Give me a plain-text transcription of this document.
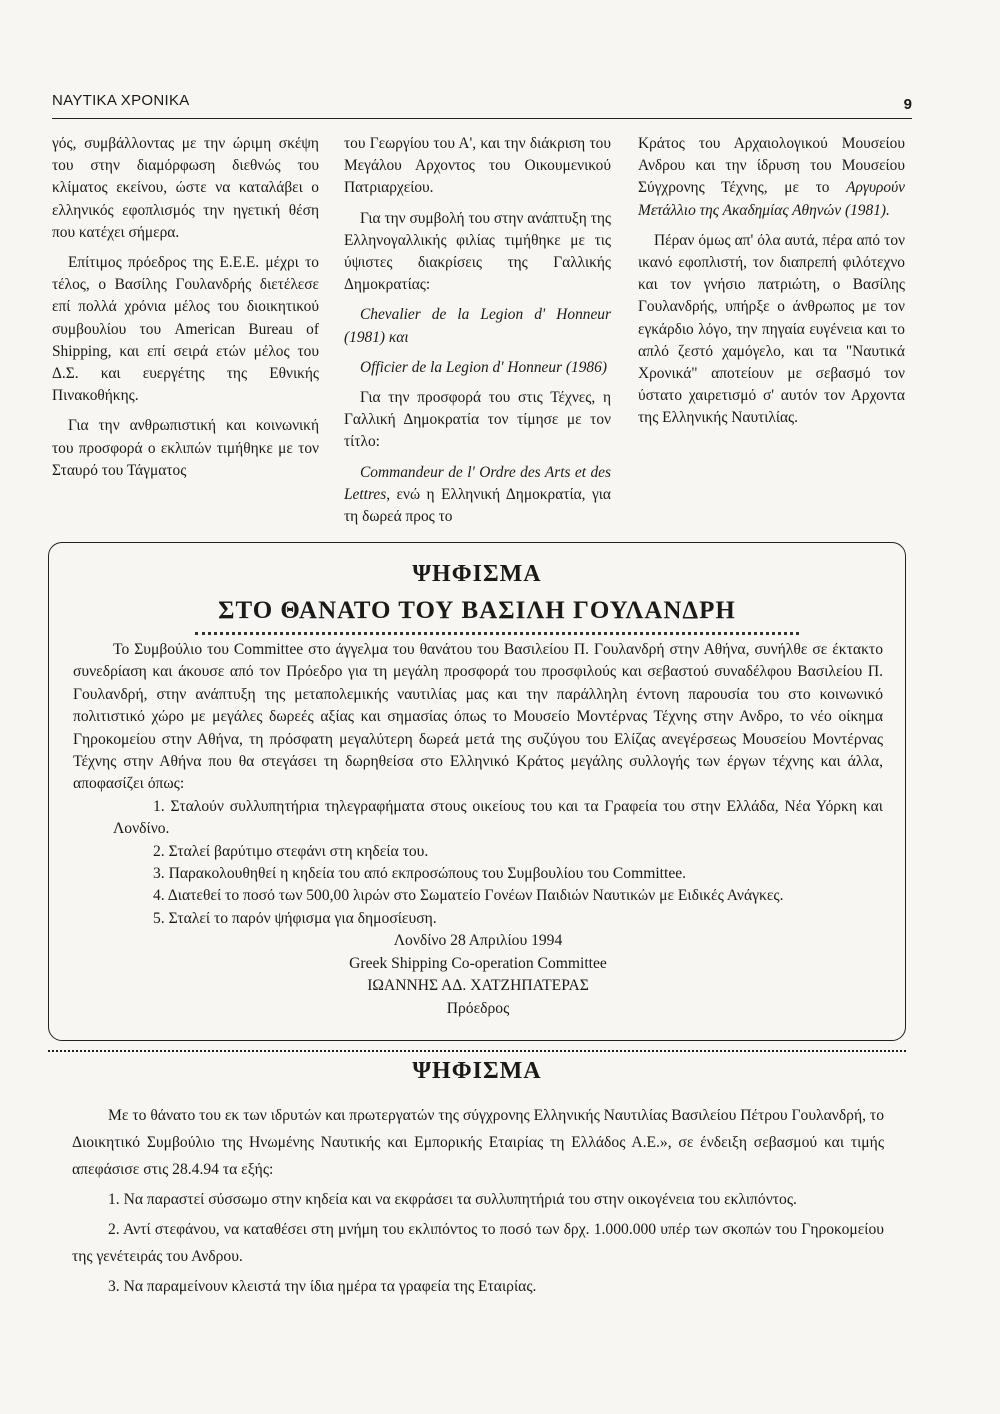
ΝΑΥΤΙΚΑ ΧΡΟΝΙΚΑ	9

γός, συμβάλλοντας με την ώριμη σκέψη του στην διαμόρφωση διεθνώς του κλίματος εκείνου, ώστε να καταλάβει ο ελληνικός εφοπλισμός την ηγετική θέση που κατέχει σήμερα.

Επίτιμος πρόεδρος της Ε.Ε.Ε. μέχρι το τέλος, ο Βασίλης Γουλανδρής διετέλεσε επί πολλά χρόνια μέλος του διοικητικού συμβουλίου του American Bureau of Shipping, και επί σειρά ετών μέλος του Δ.Σ. και ευεργέτης της Εθνικής Πινακοθήκης.

Για την ανθρωπιστική και κοινωνική του προσφορά ο εκλιπών τιμήθηκε με τον Σταυρό του Τάγματος

του Γεωργίου του Α', και την διάκριση του Μεγάλου Αρχοντος του Οικουμενικού Πατριαρχείου.

Για την συμβολή του στην ανάπτυξη της Ελληνογαλλικής φιλίας τιμήθηκε με τις ύψιστες διακρίσεις της Γαλλικής Δημοκρατίας:

Chevalier de la Legion d' Honneur (1981) και

Officier de la Legion d' Honneur (1986)

Για την προσφορά του στις Τέχνες, η Γαλλική Δημοκρατία τον τίμησε με τον τίτλο:

Commandeur de l' Ordre des Arts et des Lettres, ενώ η Ελληνική Δημοκρατία, για τη δωρεά προς το

Κράτος του Αρχαιολογικού Μουσείου Ανδρου και την ίδρυση του Μουσείου Σύγχρονης Τέχνης, με το Αργυρούν Μετάλλιο της Ακαδημίας Αθηνών (1981).

Πέραν όμως απ' όλα αυτά, πέρα από τον ικανό εφοπλιστή, τον διαπρεπή φιλότεχνο και τον γνήσιο πατριώτη, ο Βασίλης Γουλανδρής, υπήρξε ο άνθρωπος με τον εγκάρδιο λόγο, την πηγαία ευγένεια και το απλό ζεστό χαμόγελο, και τα "Ναυτικά Χρονικά" αποτείουν με σεβασμό τον ύστατο χαιρετισμό σ' αυτόν τον Αρχοντα της Ελληνικής Ναυτιλίας.

ΨΗΦΙΣΜΑ
ΣΤΟ ΘΑΝΑΤΟ ΤΟΥ ΒΑΣΙΛΗ ΓΟΥΛΑΝΔΡΗ

Το Συμβούλιο του Committee στο άγγελμα του θανάτου του Βασιλείου Π. Γουλανδρή στην Αθήνα, συνήλθε σε έκτακτο συνεδρίαση και άκουσε από τον Πρόεδρο για τη μεγάλη προσφορά του προσφιλούς και σεβαστού συναδέλφου Βασιλείου Π. Γουλανδρή, στην ανάπτυξη της μεταπολεμικής ναυτιλίας μας και την παράλληλη έντονη παρουσία του στο κοινωνικό πολιτιστικό χώρο με μεγάλες δωρεές αξίας και σημασίας όπως το Μουσείο Μοντέρνας Τέχνης στην Ανδρο, το νέο οίκημα Γηροκομείου στην Αθήνα, τη πρόσφατη μεγαλύτερη δωρεά μετά της συζύγου του Ελίζας ανεγέρσεως Μουσείου Μοντέρνας Τέχνης στην Αθήνα που θα στεγάσει τη δωρηθείσα στο Ελληνικό Κράτος μεγάλης συλλογής των έργων τέχνης και άλλα, αποφασίζει όπως:

1. Σταλούν συλλυπητήρια τηλεγραφήματα στους οικείους του και τα Γραφεία του στην Ελλάδα, Νέα Υόρκη και Λονδίνο.

2. Σταλεί βαρύτιμο στεφάνι στη κηδεία του.

3. Παρακολουθηθεί η κηδεία του από εκπροσώπους του Συμβουλίου του Committee.

4. Διατεθεί το ποσό των 500,00 λιρών στο Σωματείο Γονέων Παιδιών Ναυτικών με Ειδικές Ανάγκες.

5. Σταλεί το παρόν ψήφισμα για δημοσίευση.

Λονδίνο 28 Απριλίου 1994
Greek Shipping Co-operation Committee
ΙΩΑΝΝΗΣ ΑΔ. ΧΑΤΖΗΠΑΤΕΡΑΣ
Πρόεδρος
ΨΗΦΙΣΜΑ

Με το θάνατο του εκ των ιδρυτών και πρωτεργατών της σύγχρονης Ελληνικής Ναυτιλίας Βασιλείου Πέτρου Γουλανδρή, το Διοικητικό Συμβούλιο της Ηνωμένης Ναυτικής και Εμπορικής Εταιρίας τη Ελλάδος Α.Ε.», σε ένδειξη σεβασμού και τιμής απεφάσισε στις 28.4.94 τα εξής:

1. Να παραστεί σύσσωμο στην κηδεία και να εκφράσει τα συλλυπητήριά του στην οικογένεια του εκλιπόντος.

2. Αντί στεφάνου, να καταθέσει στη μνήμη του εκλιπόντος το ποσό των δρχ. 1.000.000 υπέρ των σκοπών του Γηροκομείου της γενέτειράς του Ανδρου.

3. Να παραμείνουν κλειστά την ίδια ημέρα τα γραφεία της Εταιρίας.
